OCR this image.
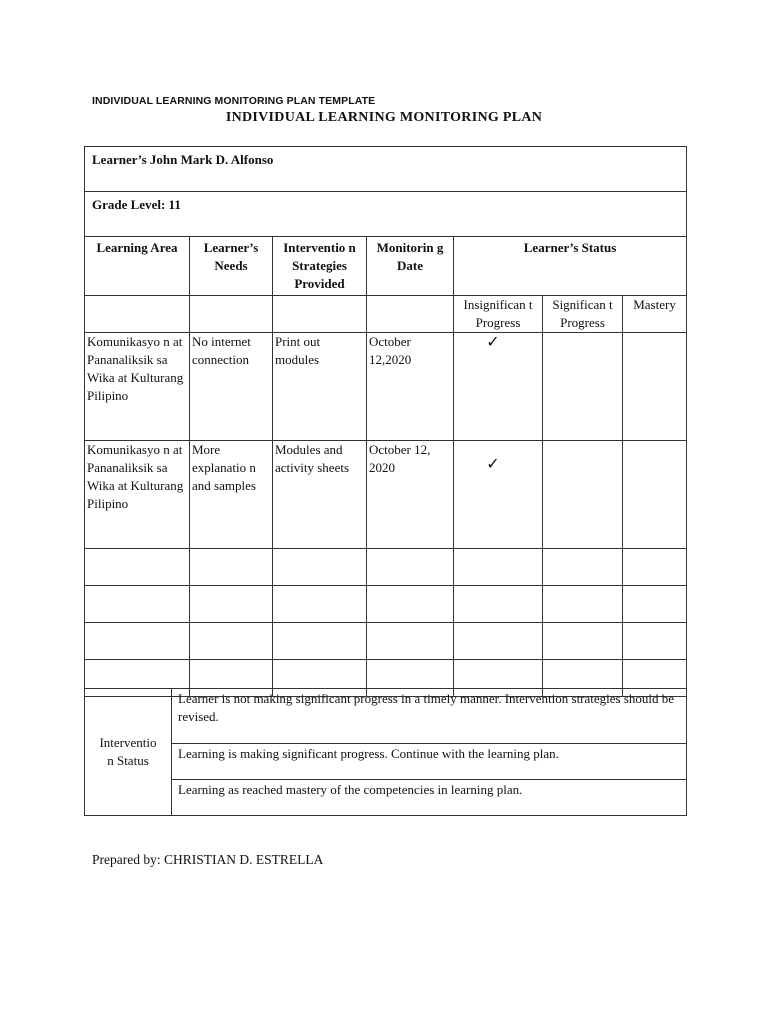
INDIVIDUAL LEARNING MONITORING PLAN TEMPLATE
INDIVIDUAL LEARNING MONITORING PLAN
Learner’s John Mark D. Alfonso						
Grade Level: 11						
Learning Area	Learner’s Needs	Interventio n Strategies Provided	Monitorin g Date	Learner’s Status		
				Insignifican t Progress	Significan t Progress	Mastery
Komunikasyo n at Pananaliksik sa Wika at Kulturang Pilipino	No internet connection	Print out modules	October 12,2020	✓		

Komunikasyo n at Pananaliksik sa Wika at Kulturang Pilipino	More explanatio n and samples	Modules and activity sheets	October 12, 2020	✓		

Interventio n Status	Learner is not making significant progress in a timely manner. Intervention strategies should be revised.
Learning is making significant progress. Continue with the learning plan.
Learning as reached mastery of the competencies in learning plan.
Prepared by: CHRISTIAN D. ESTRELLA
